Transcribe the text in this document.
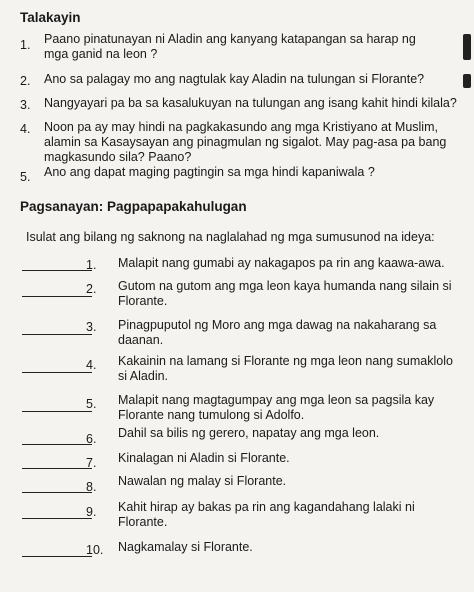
Talakayin
1. Paano pinatunayan ni Aladin ang kanyang katapangan sa harap ng mga ganid na leon ?
2. Ano sa palagay mo ang nagtulak kay Aladin na tulungan si Florante?
3. Nangyayari pa ba sa kasalukuyan na tulungan ang isang kahit hindi kilala?
4. Noon pa ay may hindi na pagkakasundo ang mga Kristiyano at Muslim, alamin sa Kasaysayan ang pinagmulan ng sigalot. May pag-asa pa bang magkasundo sila? Paano?
5. Ano ang dapat maging pagtingin sa mga hindi kapaniwala ?
Pagsanayan: Pagpapapakahulugan
Isulat ang bilang ng saknong na naglalahad ng mga sumusunod na ideya:
1. Malapit nang gumabi ay nakagapos pa rin ang kaawa-awa.
2. Gutom na gutom ang mga leon kaya humanda nang silain si Florante.
3. Pinagpuputol ng Moro ang mga dawag na nakaharang sa daanan.
4. Kakainin na lamang si Florante ng mga leon nang sumaklolo si Aladin.
5. Malapit nang magtagumpay ang mga leon sa pagsila kay Florante nang tumulong si Adolfo.
6. Dahil sa bilis ng gerero, napatay ang mga leon.
7. Kinalagan ni Aladin si Florante.
8. Nawalan ng malay si Florante.
9. Kahit hirap ay bakas pa rin ang kagandahang lalaki ni Florante.
10. Nagkamalay si Florante.
